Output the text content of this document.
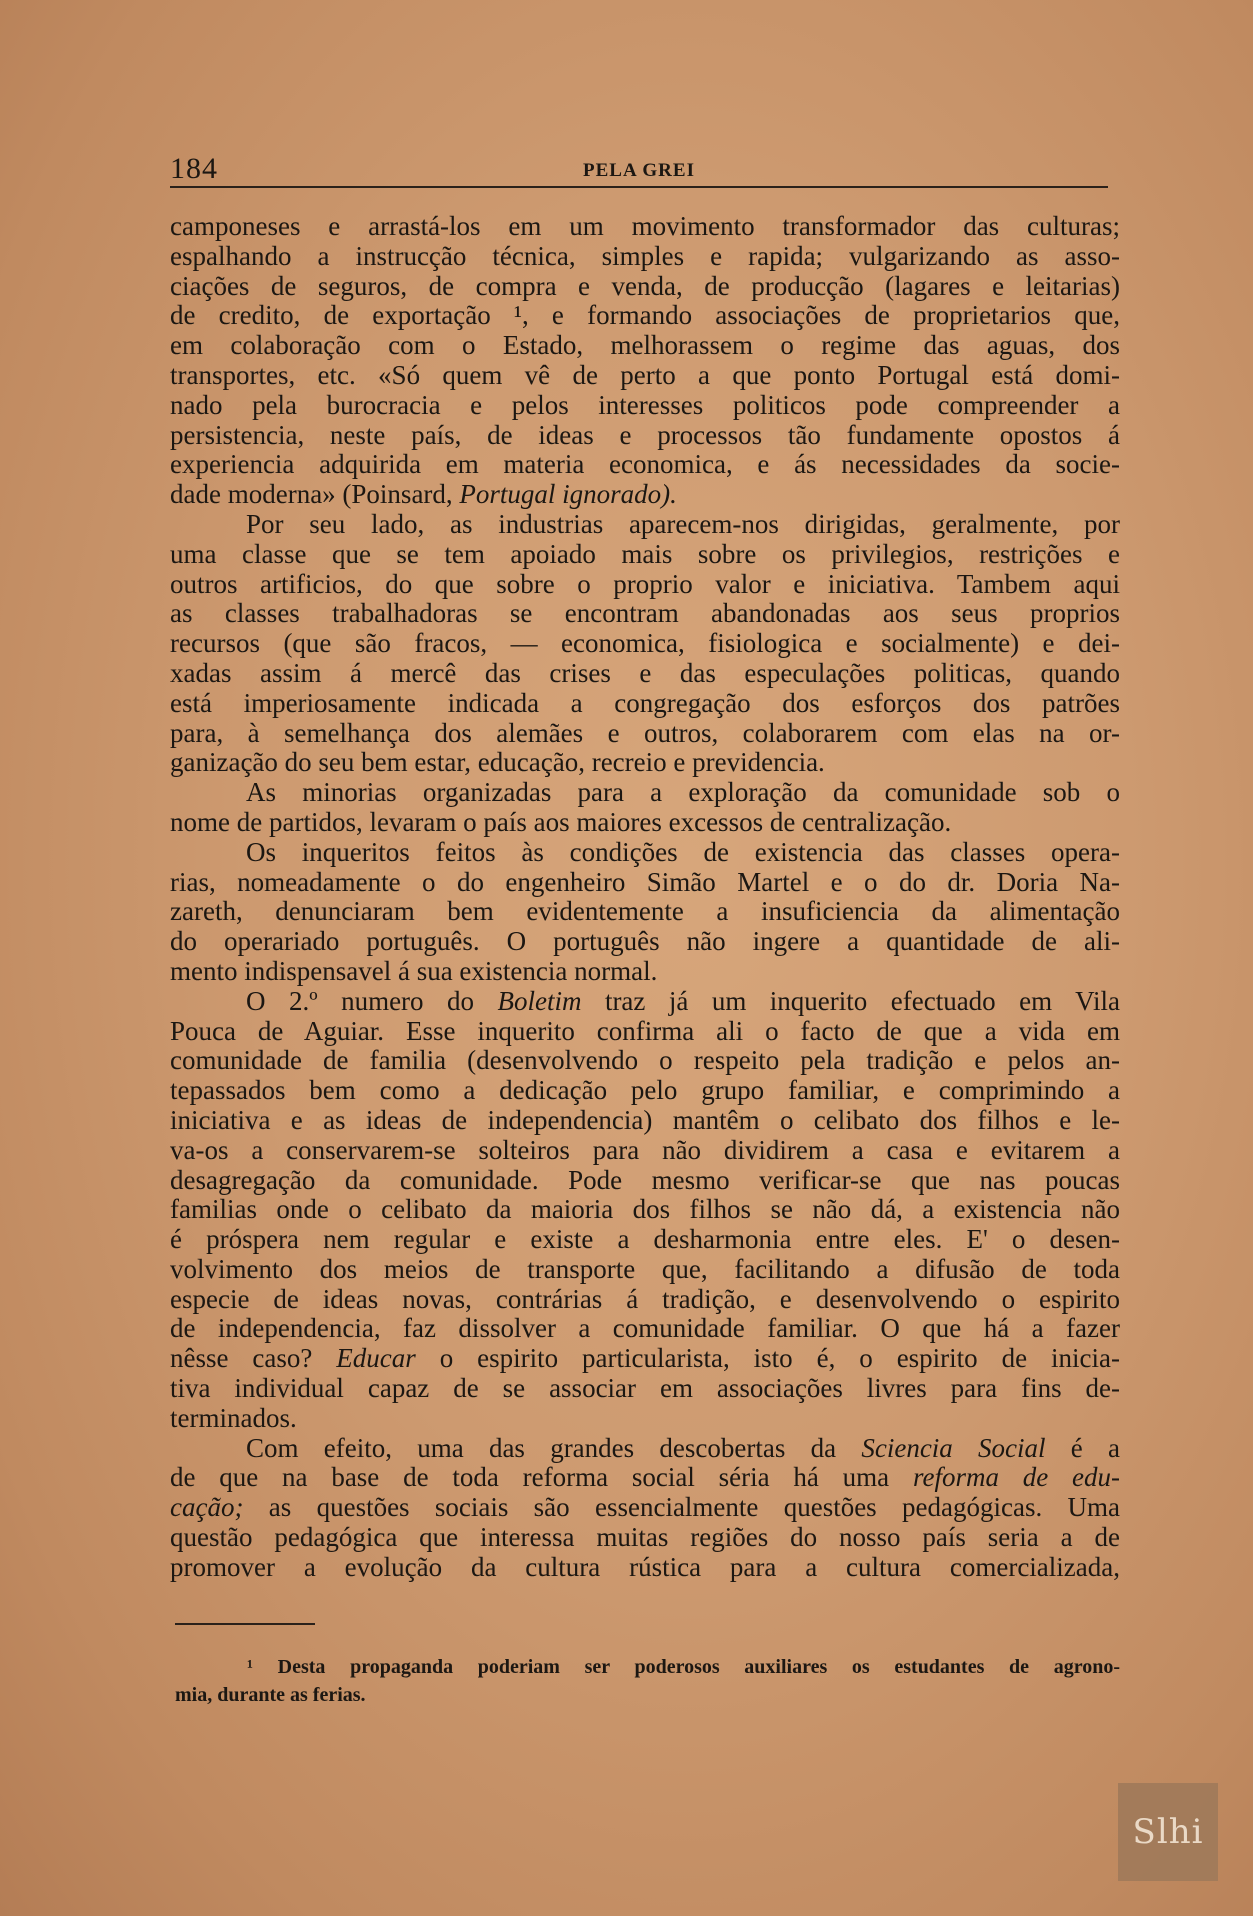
184	PELA GREI
camponeses e arrastá-los em um movimento transformador das culturas;
espalhando a instrucção técnica, simples e rapida; vulgarizando as asso-
ciações de seguros, de compra e venda, de producção (lagares e leitarias)
de credito, de exportação ¹, e formando associações de proprietarios que,
em colaboração com o Estado, melhorassem o regime das aguas, dos
transportes, etc. «Só quem vê de perto a que ponto Portugal está domi-
nado pela burocracia e pelos interesses politicos pode compreender a
persistencia, neste país, de ideas e processos tão fundamente opostos á
experiencia adquirida em materia economica, e ás necessidades da socie-
dade moderna» (Poinsard, Portugal ignorado).
Por seu lado, as industrias aparecem-nos dirigidas, geralmente, por
uma classe que se tem apoiado mais sobre os privilegios, restrições e
outros artificios, do que sobre o proprio valor e iniciativa. Tambem aqui
as classes trabalhadoras se encontram abandonadas aos seus proprios
recursos (que são fracos, — economica, fisiologica e socialmente) e dei-
xadas assim á mercê das crises e das especulações politicas, quando
está imperiosamente indicada a congregação dos esforços dos patrões
para, à semelhança dos alemães e outros, colaborarem com elas na or-
ganização do seu bem estar, educação, recreio e previdencia.
As minorias organizadas para a exploração da comunidade sob o
nome de partidos, levaram o país aos maiores excessos de centralização.
Os inqueritos feitos às condições de existencia das classes opera-
rias, nomeadamente o do engenheiro Simão Martel e o do dr. Doria Na-
zareth, denunciaram bem evidentemente a insuficiencia da alimentação
do operariado português. O português não ingere a quantidade de ali-
mento indispensavel á sua existencia normal.
O 2.º numero do Boletim traz já um inquerito efectuado em Vila
Pouca de Aguiar. Esse inquerito confirma ali o facto de que a vida em
comunidade de familia (desenvolvendo o respeito pela tradição e pelos an-
tepassados bem como a dedicação pelo grupo familiar, e comprimindo a
iniciativa e as ideas de independencia) mantêm o celibato dos filhos e le-
va-os a conservarem-se solteiros para não dividirem a casa e evitarem a
desagregação da comunidade. Pode mesmo verificar-se que nas poucas
familias onde o celibato da maioria dos filhos se não dá, a existencia não
é próspera nem regular e existe a desharmonia entre eles. E' o desen-
volvimento dos meios de transporte que, facilitando a difusão de toda
especie de ideas novas, contrárias á tradição, e desenvolvendo o espirito
de independencia, faz dissolver a comunidade familiar. O que há a fazer
nêsse caso? Educar o espirito particularista, isto é, o espirito de inicia-
tiva individual capaz de se associar em associações livres para fins de-
terminados.
Com efeito, uma das grandes descobertas da Sciencia Social é a
de que na base de toda reforma social séria há uma reforma de edu-
cação; as questões sociais são essencialmente questões pedagógicas. Uma
questão pedagógica que interessa muitas regiões do nosso país seria a de
promover a evolução da cultura rústica para a cultura comercializada,
¹ Desta propaganda poderiam ser poderosos auxiliares os estudantes de agrono-
mia, durante as ferias.
Slhi
